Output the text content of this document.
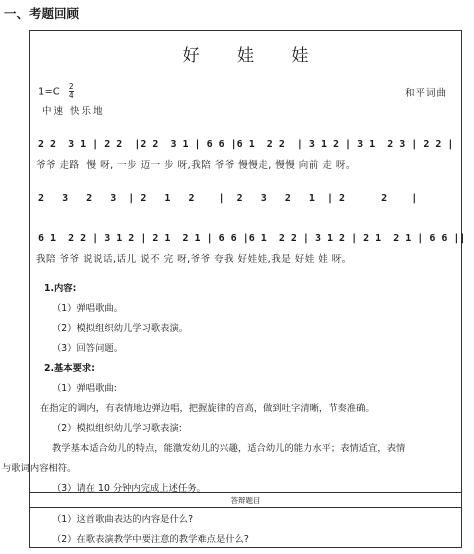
一、考题回顾
好 娃 娃
$1=C \frac{2}{4}$
中速 快乐地
和平词曲
2 2  3 1 | 2 2  |2 2  3 1 | 6 6 |6 1  2 2  | 3 1 2 | 3 1  2 3 | 2 2 |
爷爷 走路  慢 呀, 一步 迈一 步 呀,我陪 爷爷 慢慢走, 慢慢 向前 走 呀。
2   3   2   3  | 2   1   2    |  2   3   2   1  | 2      2    |
6 1  2 2 | 3 1 2 | 2 1  2 1 | 6 6 |6 1  2 2 | 3 1 2 | 2 1  2 1 | 6 6 ||
我陪 爷爷 说说话,话儿 说不 完 呀,爷爷 夸我 好娃娃,我是 好娃 娃 呀。
1.内容:
（1）弹唱歌曲。
（2）模拟组织幼儿学习歌表演。
（3）回答问题。
2.基本要求:
（1）弹唱歌曲:
在指定的调内，有表情地边弹边唱，把握旋律的音高，做到吐字清晰，节奏准确。
（2）模拟组织幼儿学习歌表演:
教学基本适合幼儿的特点，能激发幼儿的兴趣，适合幼儿的能力水平；表情适宜，表情
与歌词内容相符。
（3）请在 10 分钟内完成上述任务。
答辩题目
（1）这首歌曲表达的内容是什么?
（2）在歌表演教学中要注意的教学难点是什么?
